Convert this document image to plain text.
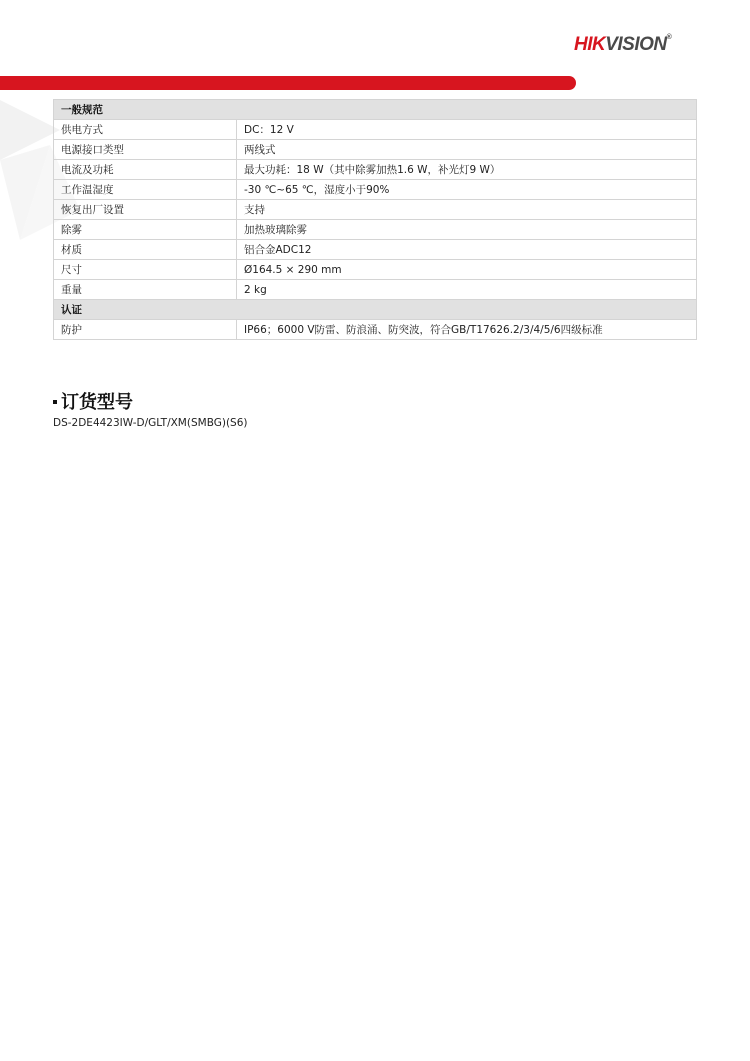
HIKVISION®
一般规范	
供电方式	DC：12 V
电源接口类型	两线式
电流及功耗	最大功耗：18 W（其中除雾加热1.6 W，补光灯9 W）
工作温湿度	-30 ℃~65 ℃，湿度小于90%
恢复出厂设置	支持
除雾	加热玻璃除雾
材质	铝合金ADC12
尺寸	Ø164.5 × 290 mm
重量	2 kg
认证	
防护	IP66；6000 V防雷、防浪涌、防突波，符合GB/T17626.2/3/4/5/6四级标准
订货型号
DS-2DE4423IW-D/GLT/XM(SMBG)(S6)
